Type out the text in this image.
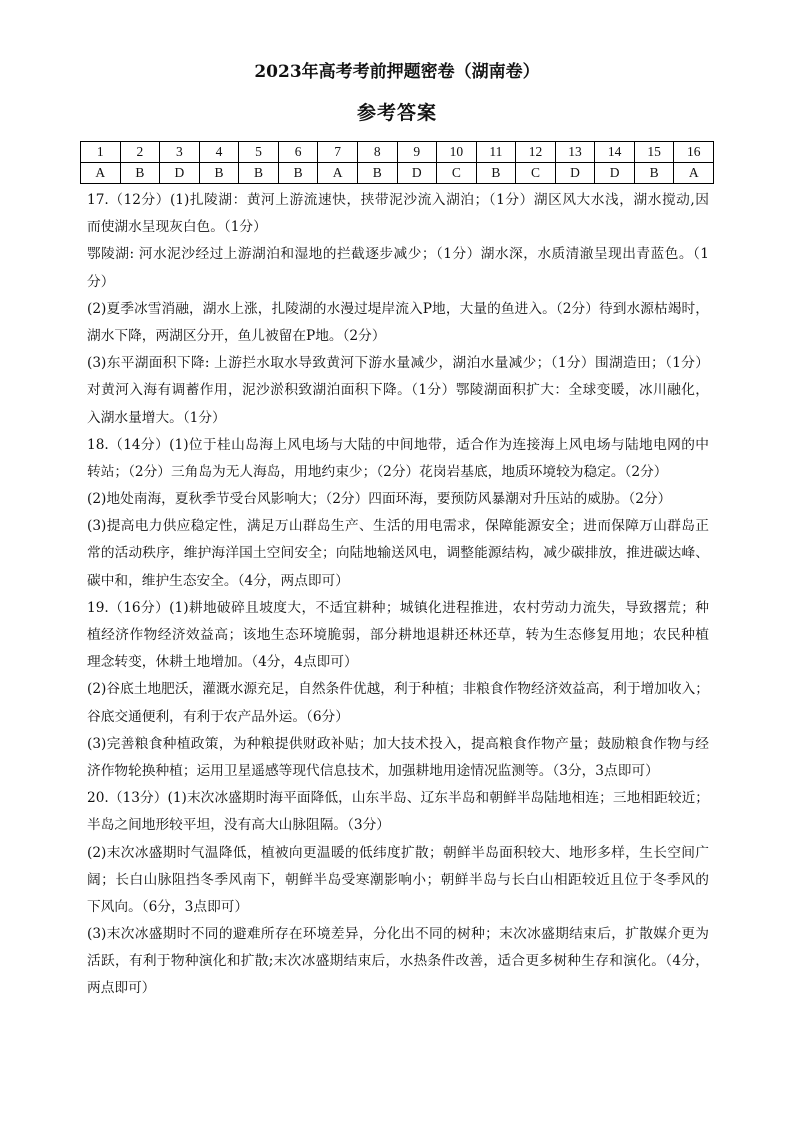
2023年高考考前押题密卷（湖南卷）
参考答案
1	2	3	4	5	6	7	8	9	10	11	12	13	14	15	16
A	B	D	B	B	B	A	B	D	C	B	C	D	D	B	A
17.（12分）(1)扎陵湖：黄河上游流速快，挟带泥沙流入湖泊；（1分）湖区风大水浅，湖水搅动,因
而使湖水呈现灰白色。（1分）
鄂陵湖: 河水泥沙经过上游湖泊和湿地的拦截逐步减少；（1分）湖水深，水质清澈呈现出青蓝色。（1
分）
(2)夏季冰雪消融，湖水上涨，扎陵湖的水漫过堤岸流入P地，大量的鱼进入。（2分）待到水源枯竭时，
湖水下降，两湖区分开，鱼儿被留在P地。（2分）
(3)东平湖面积下降: 上游拦水取水导致黄河下游水量减少，湖泊水量减少；（1分）围湖造田；（1分）
对黄河入海有调蓄作用，泥沙淤积致湖泊面积下降。（1分）鄂陵湖面积扩大：全球变暖，冰川融化，
入湖水量增大。（1分）
18.（14分）(1)位于桂山岛海上风电场与大陆的中间地带，适合作为连接海上风电场与陆地电网的中
转站；（2分）三角岛为无人海岛，用地约束少；（2分）花岗岩基底，地质环境较为稳定。（2分）
(2)地处南海，夏秋季节受台风影响大；（2分）四面环海，要预防风暴潮对升压站的威胁。（2分）
(3)提高电力供应稳定性，满足万山群岛生产、生活的用电需求，保障能源安全；进而保障万山群岛正
常的活动秩序，维护海洋国土空间安全；向陆地输送风电，调整能源结构，减少碳排放，推进碳达峰、
碳中和，维护生态安全。（4分，两点即可）
19.（16分）(1)耕地破碎且坡度大，不适宜耕种；城镇化进程推进，农村劳动力流失，导致撂荒；种
植经济作物经济效益高；该地生态环境脆弱，部分耕地退耕还林还草，转为生态修复用地；农民种植
理念转变，休耕土地增加。（4分，4点即可）
(2)谷底土地肥沃，灌溉水源充足，自然条件优越，利于种植；非粮食作物经济效益高，利于增加收入；
谷底交通便利，有利于农产品外运。（6分）
(3)完善粮食种植政策，为种粮提供财政补贴；加大技术投入，提高粮食作物产量；鼓励粮食作物与经
济作物轮换种植；运用卫星遥感等现代信息技术，加强耕地用途情况监测等。（3分，3点即可）
20.（13分）(1)末次冰盛期时海平面降低，山东半岛、辽东半岛和朝鲜半岛陆地相连；三地相距较近；
半岛之间地形较平坦，没有高大山脉阻隔。（3分）
(2)末次冰盛期时气温降低，植被向更温暖的低纬度扩散；朝鲜半岛面积较大、地形多样，生长空间广
阔；长白山脉阻挡冬季风南下，朝鲜半岛受寒潮影响小；朝鲜半岛与长白山相距较近且位于冬季风的
下风向。（6分，3点即可）
(3)末次冰盛期时不同的避难所存在环境差异，分化出不同的树种；末次冰盛期结束后，扩散媒介更为
活跃，有利于物种演化和扩散;末次冰盛期结束后，水热条件改善，适合更多树种生存和演化。（4分，
两点即可）
